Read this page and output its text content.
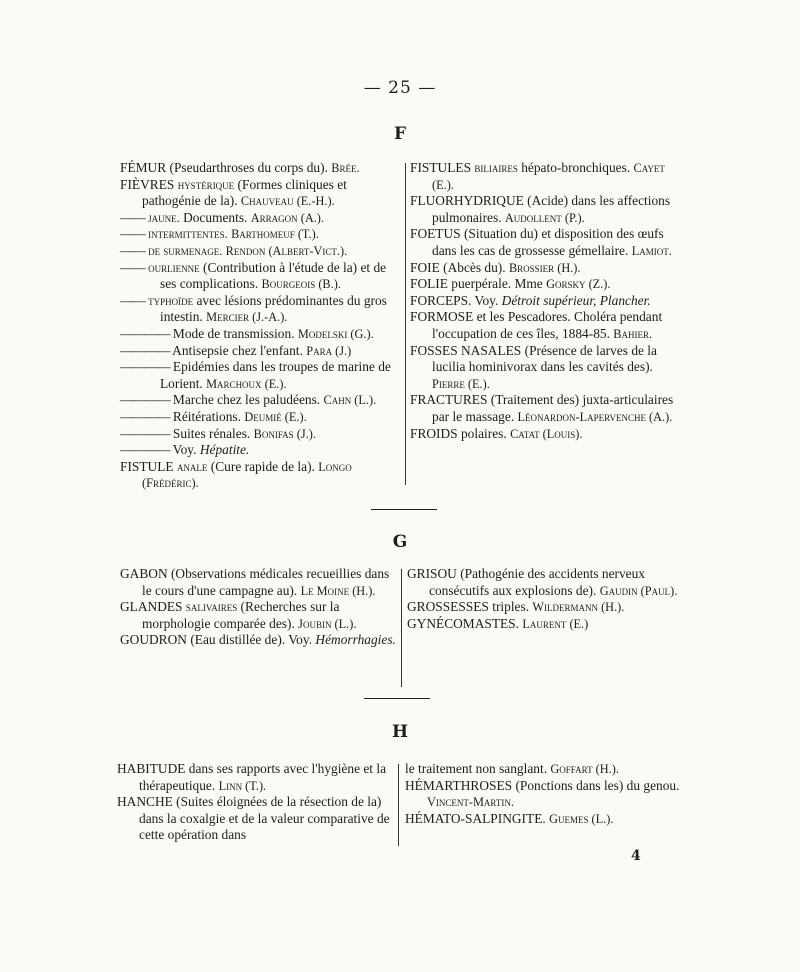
— 25 —
F

FÉMUR (Pseudarthroses du corps du). Brée.

FIÈVRES hystérique (Formes cliniques et pathogénie de la). Chauveau (E.-H.).

—— jaune. Documents. Arragon (A.).

—— intermittentes. Barthomeuf (T.).

—— de surmenage. Rendon (Albert-Vict.).

—— ourlienne (Contribution à l'étude de la) et de ses complications. Bourgeois (B.).

—— typhoïde avec lésions prédominantes du gros intestin. Mercier (J.-A.).

———— Mode de transmission. Modelski (G.).

———— Antisepsie chez l'enfant. Para (J.)

———— Epidémies dans les troupes de marine de Lorient. Marchoux (E.).

———— Marche chez les paludéens. Cahn (L.).

———— Réitérations. Deumié (E.).

———— Suites rénales. Bonifas (J.).

———— Voy. Hépatite.

FISTULE anale (Cure rapide de la). Longo (Frédéric).

FISTULES biliaires hépato-bronchiques. Cayet (E.).

FLUORHYDRIQUE (Acide) dans les affections pulmonaires. Audollent (P.).

FOETUS (Situation du) et disposition des œufs dans les cas de grossesse gémellaire. Lamiot.

FOIE (Abcès du). Brossier (H.).

FOLIE puerpérale. Mme Gorsky (Z.).

FORCEPS. Voy. Détroit supérieur, Plancher.

FORMOSE et les Pescadores. Choléra pendant l'occupation de ces îles, 1884-85. Bahier.

FOSSES NASALES (Présence de larves de la lucilia hominivorax dans les cavités des). Pierre (E.).

FRACTURES (Traitement des) juxta-articulaires par le massage. Léonardon-Lapervenche (A.).

FROIDS polaires. Catat (Louis).

G

GABON (Observations médicales recueillies dans le cours d'une campagne au). Le Moine (H.).

GLANDES salivaires (Recherches sur la morphologie comparée des). Joubin (L.).

GOUDRON (Eau distillée de). Voy. Hémorrhagies.

GRISOU (Pathogénie des accidents nerveux consécutifs aux explosions de). Gaudin (Paul).

GROSSESSES triples. Wildermann (H.).

GYNÉCOMASTES. Laurent (E.)

H

HABITUDE dans ses rapports avec l'hygiène et la thérapeutique. Linn (T.).

HANCHE (Suites éloignées de la résection de la) dans la coxalgie et de la valeur comparative de cette opération dans

le traitement non sanglant. Goffart (H.).

HÉMARTHROSES (Ponctions dans les) du genou. Vincent-Martin.

HÉMATO-SALPINGITE. Guemes (L.).

4
